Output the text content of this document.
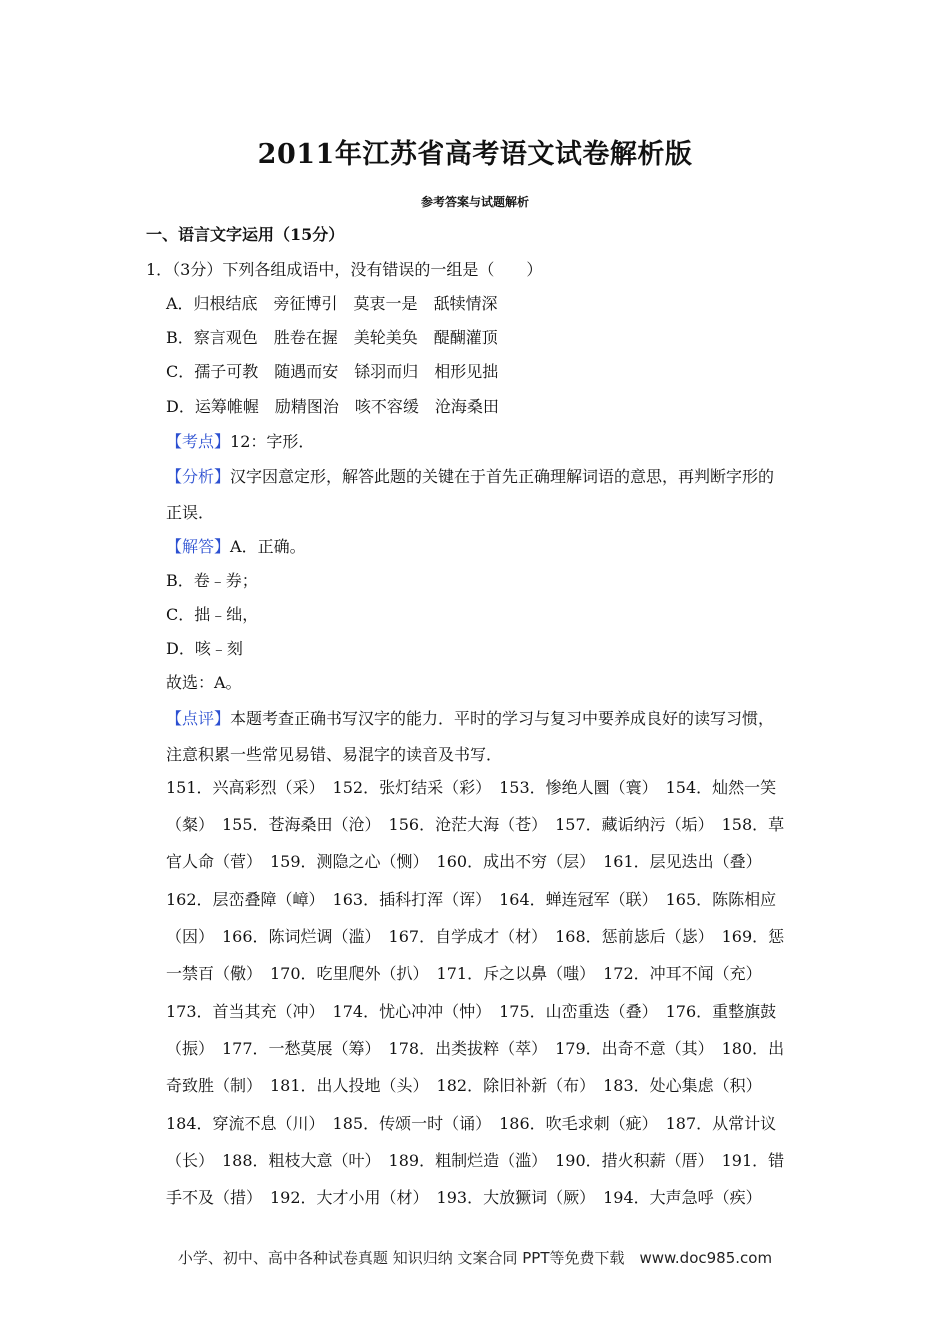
2011年江苏省高考语文试卷解析版
参考答案与试题解析
一、语言文字运用（15分）
1．（3分）下列各组成语中，没有错误的一组是（　　）
A．归根结底　旁征博引　莫衷一是　舐犊情深
B．察言观色　胜卷在握　美轮美奂　醍醐灌顶
C．孺子可教　随遇而安　铩羽而归　相形见拙
D．运筹帷幄　励精图治　咳不容缓　沧海桑田
【考点】12：字形．
【分析】汉字因意定形，解答此题的关键在于首先正确理解词语的意思，再判断字形的
正误．
【解答】A．正确。
B．卷﹣券；
C．拙﹣绌，
D．咳﹣刻
故选：A。
【点评】本题考查正确书写汉字的能力．平时的学习与复习中要养成良好的读写习惯，
注意积累一些常见易错、易混字的读音及书写．
151．兴高彩烈（采）　152．张灯结采（彩）　153．惨绝人圜（寰）　154．灿然一笑
（粲）　155．苍海桑田（沧）　156．沧茫大海（苍）　157．藏诟纳污（垢）　158．草
官人命（菅）　159．测隐之心（恻）　160．成出不穷（层）　161．层见迭出（叠）
162．层峦叠障（嶂）　163．插科打浑（诨）　164．蝉连冠军（联）　165．陈陈相应
（因）　166．陈词烂调（滥）　167．自学成才（材）　168．惩前毖后（毖）　169．惩
一禁百（儆）　170．吃里爬外（扒）　171．斥之以鼻（嗤）　172．冲耳不闻（充）
173．首当其充（冲）　174．忧心冲冲（忡）　175．山峦重迭（叠）　176．重整旗鼓
（振）　177．一愁莫展（筹）　178．出类拔粹（萃）　179．出奇不意（其）　180．出
奇致胜（制）　181．出人投地（头）　182．除旧补新（布）　183．处心集虑（积）
184．穿流不息（川）　185．传颂一时（诵）　186．吹毛求刺（疵）　187．从常计议
（长）　188．粗枝大意（叶）　189．粗制烂造（滥）　190．措火积薪（厝）　191．错
手不及（措）　192．大才小用（材）　193．大放獗词（厥）　194．大声急呼（疾）
小学、初中、高中各种试卷真题 知识归纳 文案合同 PPT等免费下载　www.doc985.com
